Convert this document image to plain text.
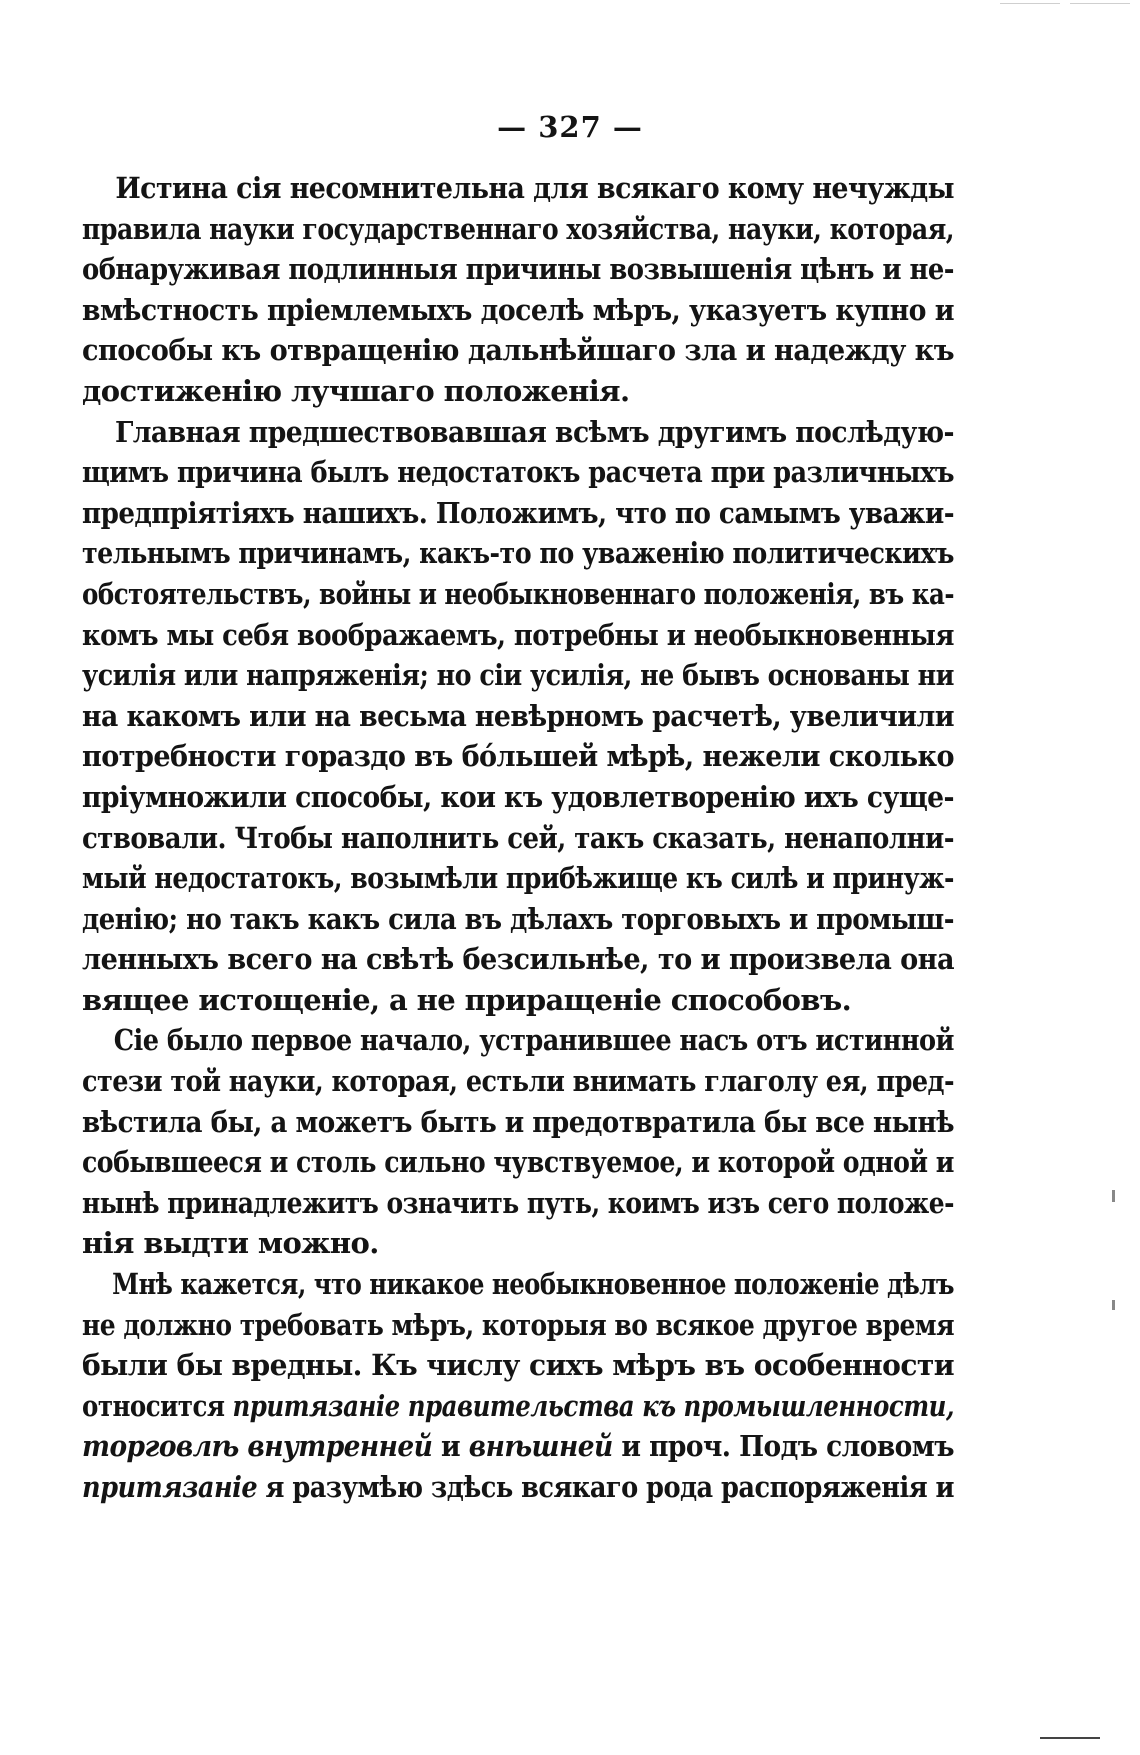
— 327 —
Истина сія несомнительна для всякаго кому нечужды
правила науки государственнаго хозяйства, науки, которая,
обнаруживая подлинныя причины возвышенія цѣнъ и не-
вмѣстность пріемлемыхъ доселѣ мѣръ, указуетъ купно и
способы къ отвращенію дальнѣйшаго зла и надежду къ
достиженію лучшаго положенія.
Главная предшествовавшая всѣмъ другимъ послѣдую-
щимъ причина былъ недостатокъ расчета при различныхъ
предпріятіяхъ нашихъ. Положимъ, что по самымъ уважи-
тельнымъ причинамъ, какъ-то по уваженію политическихъ
обстоятельствъ, войны и необыкновеннаго положенія, въ ка-
комъ мы себя воображаемъ, потребны и необыкновенныя
усилія или напряженія; но сіи усилія, не бывъ основаны ни
на какомъ или на весьма невѣрномъ расчетѣ, увеличили
потребности гораздо въ бо́льшей мѣрѣ, нежели сколько
пріумножили способы, кои къ удовлетворенію ихъ суще-
ствовали. Чтобы наполнить сей, такъ сказать, ненаполни-
мый недостатокъ, возымѣли прибѣжище къ силѣ и принуж-
денію; но такъ какъ сила въ дѣлахъ торговыхъ и промыш-
ленныхъ всего на свѣтѣ безсильнѣе, то и произвела она
вящее истощеніе, а не приращеніе способовъ.
Сіе было первое начало, устранившее насъ отъ истинной
стези той науки, которая, естьли внимать глаголу ея, пред-
вѣстила бы, а можетъ быть и предотвратила бы все нынѣ
собывшееся и столь сильно чувствуемое, и которой одной и
нынѣ принадлежитъ означить путь, коимъ изъ сего положе-
нія выдти можно.
Мнѣ кажется, что никакое необыкновенное положеніе дѣлъ
не должно требовать мѣръ, которыя во всякое другое время
были бы вредны. Къ числу сихъ мѣръ въ особенности
относится притязаніе правительства къ промышленности,
торговлѣ внутренней и внѣшней и проч. Подъ словомъ
притязаніе я разумѣю здѣсь всякаго рода распоряженія и
